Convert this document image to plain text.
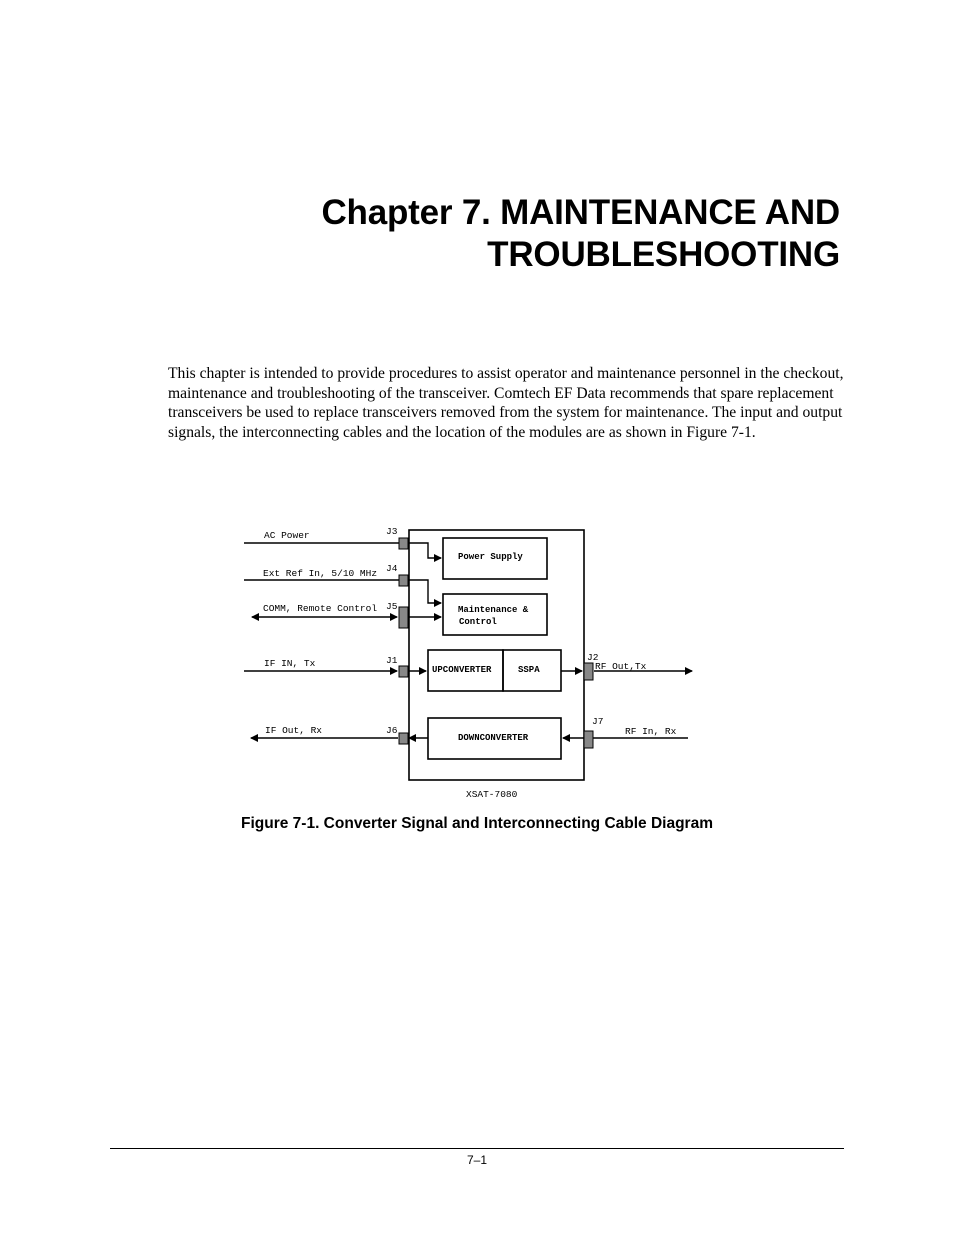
Chapter 7. MAINTENANCE AND
TROUBLESHOOTING

This chapter is intended to provide procedures to assist operator and maintenance personnel in the checkout, maintenance and troubleshooting of the transceiver. Comtech EF Data recommends that spare replacement transceivers be used to replace transceivers removed from the system for maintenance. The input and output signals, the interconnecting cables and the location of the modules are as shown in Figure 7-1.

AC Power
Ext Ref In, 5/10 MHz
COMM, Remote Control
IF IN, Tx
IF Out, Rx
RF Out,Tx
RF In, Rx
J3
J4
J5
J1
J6
J2
J7
Power Supply
Maintenance &
Control
UPCONVERTER	SSPA
DOWNCONVERTER
XSAT-7080

Figure 7-1. Converter Signal and Interconnecting Cable Diagram

7–1
